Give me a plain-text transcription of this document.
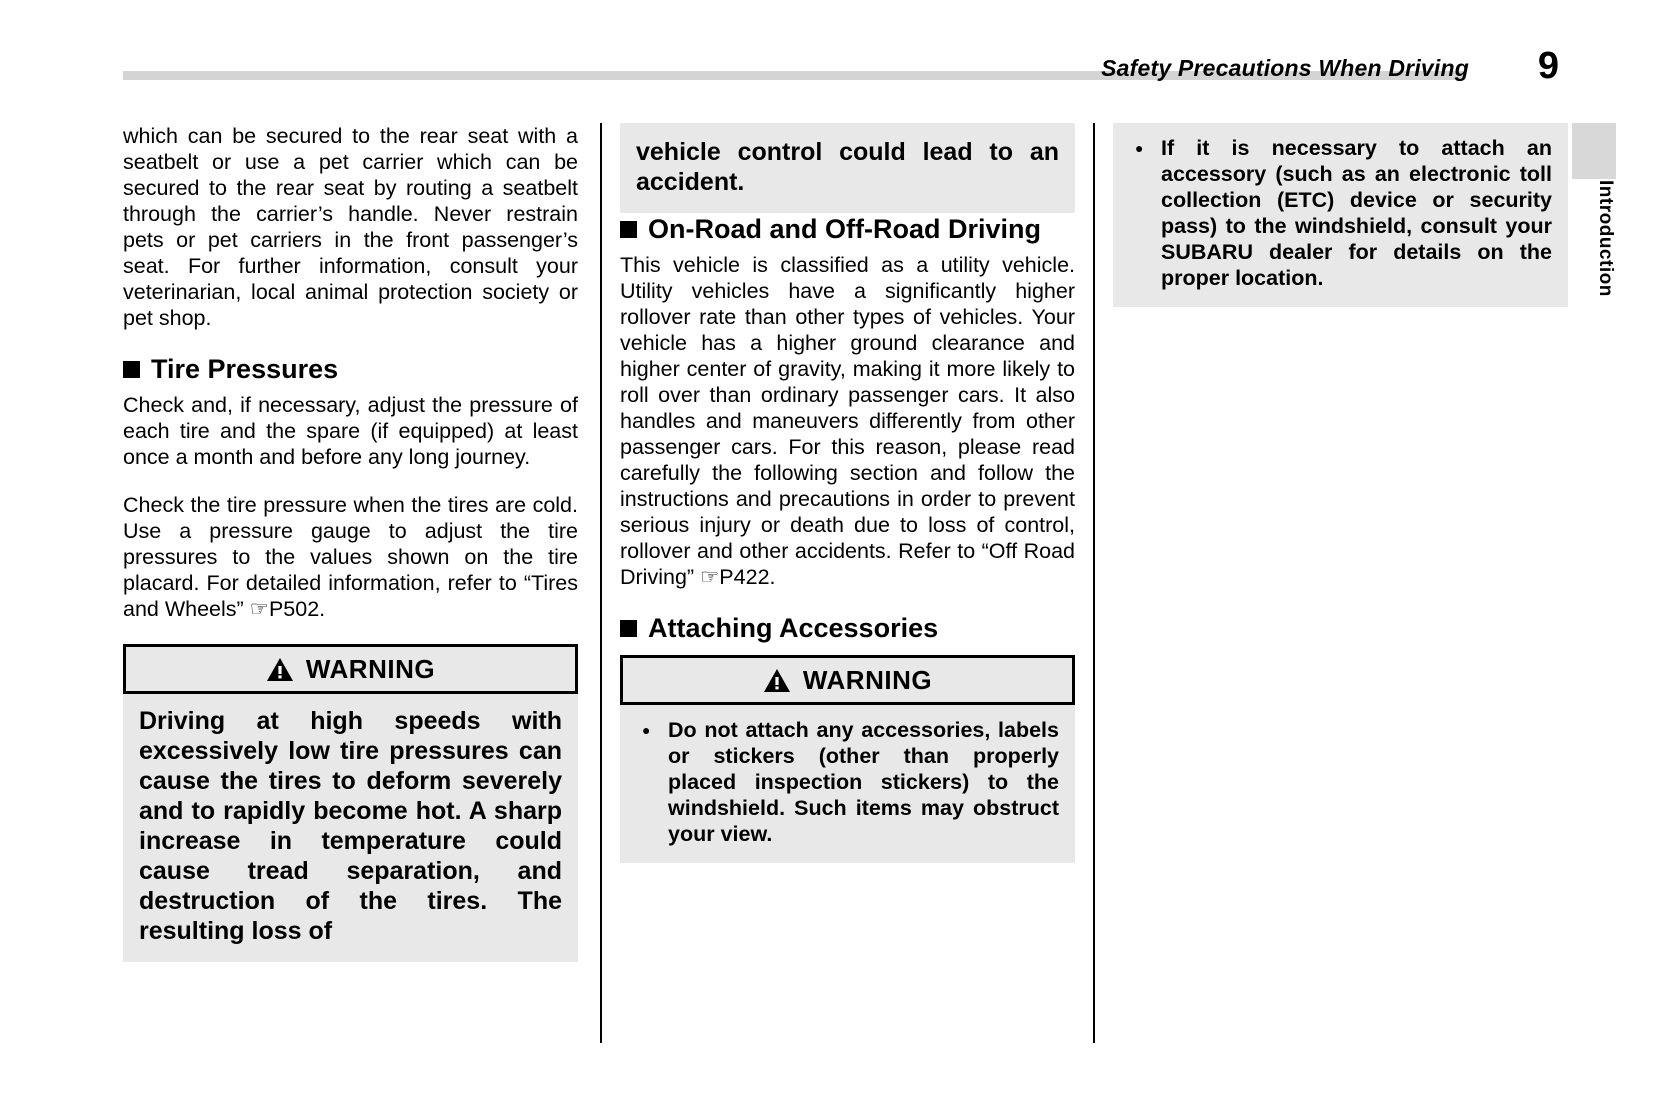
Safety Precautions When Driving 9
Introduction

which can be secured to the rear seat with a seatbelt or use a pet carrier which can be secured to the rear seat by routing a seatbelt through the carrier’s handle. Never restrain pets or pet carriers in the front passenger’s seat. For further information, consult your veterinarian, local animal protection society or pet shop.

Tire Pressures

Check and, if necessary, adjust the pressure of each tire and the spare (if equipped) at least once a month and before any long journey.

Check the tire pressure when the tires are cold. Use a pressure gauge to adjust the tire pressures to the values shown on the tire placard. For detailed information, refer to “Tires and Wheels” ☞P502.

WARNING

Driving at high speeds with excessively low tire pressures can cause the tires to deform severely and to rapidly become hot. A sharp increase in temperature could cause tread separation, and destruction of the tires. The resulting loss of

vehicle control could lead to an accident.

On-Road and Off-Road Driving

This vehicle is classified as a utility vehicle. Utility vehicles have a significantly higher rollover rate than other types of vehicles. Your vehicle has a higher ground clearance and higher center of gravity, making it more likely to roll over than ordinary passenger cars. It also handles and maneuvers differently from other passenger cars. For this reason, please read carefully the following section and follow the instructions and precautions in order to prevent serious injury or death due to loss of control, rollover and other accidents. Refer to “Off Road Driving” ☞P422.

Attaching Accessories
WARNING
● Do not attach any accessories, labels or stickers (other than properly placed inspection stickers) to the windshield. Such items may obstruct your view.
● If it is necessary to attach an accessory (such as an electronic toll collection (ETC) device or security pass) to the windshield, consult your SUBARU dealer for details on the proper location.
